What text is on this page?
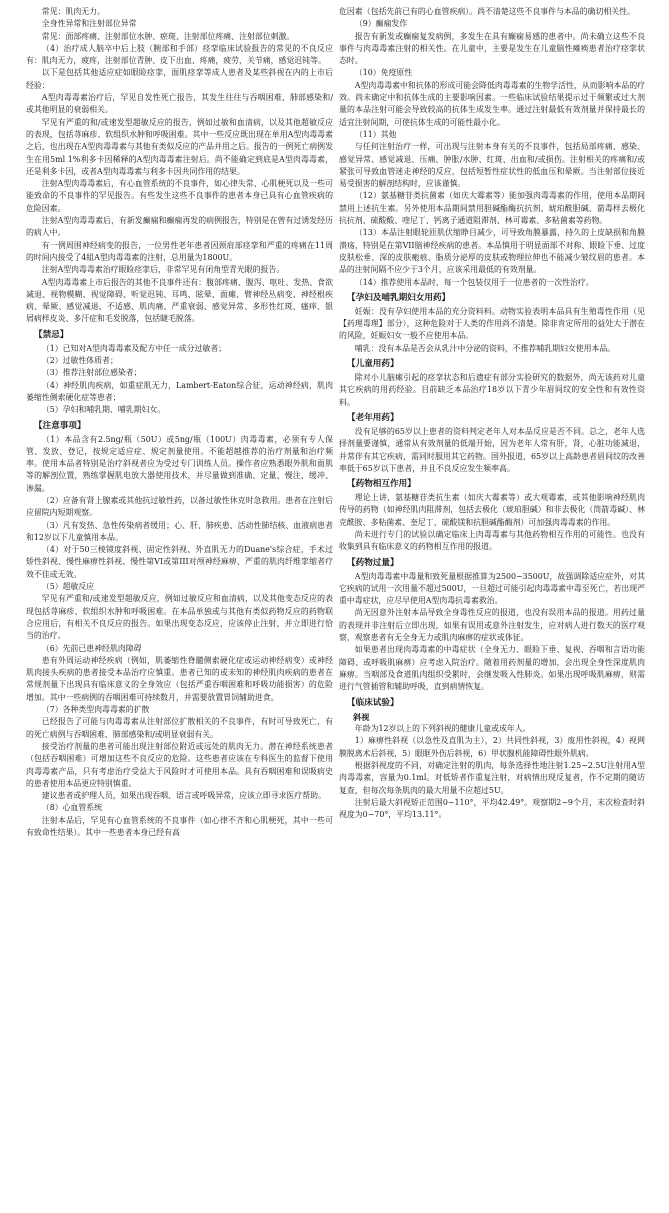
常见：肌肉无力。

全身性异常和注射部位异常

常见：面部疼痛、注射部位水肿、瘀斑、注射部位疼痛、注射部位刺激。

（4）治疗成人脑卒中后上肢（腕部和手部）痉挛临床试验报告的常见的不良反应有：肌肉无力，疲疼，注射部位青肿、皮下出血、疼痛，疲劳，关节痛，感觉迟钝等。

以下是包括其他适应症如眼睑痉挛，面肌痉挛等成人患者及某些斜视在内的上市后经验：

A型肉毒毒素治疗后，罕见自发性死亡报告，其发生往往与吞咽困难、肺部感染和/或其他明显的衰弱相关。

罕见有严重的和/或速发型超敏反应的报告，例如过敏和血清病，以及其他超敏反应的表现，包括荨麻疹、软组织水肿和呼吸困难。其中一些反应既出现在单用A型肉毒毒素之后，也出现在A型肉毒毒素与其他有类似反应的产品并用之后。报告的一例死亡病例发生在用5ml 1%利多卡因稀释的A型肉毒毒素注射后。尚不能确定到底是A型肉毒毒素，还是利多卡因，或者A型肉毒毒素与利多卡因共同作用的结果。

注射A型肉毒毒素后，有心血管系统的不良事件，如心律失常、心肌梗死以及一些可能致命的不良事件的罕见报告。有些发生这些不良事件的患者本身已具有心血管疾病的危险因素。

注射A型肉毒毒素后，有新发癫痫和癫痫再发的病例报告，特别是在曾有过诱发经历的病人中。

有一例周围神经病变的报告，一位男性老年患者因颈肩部痉挛和严重的疼痛在11周的时间内接受了4組A型肉毒毒素的注射，总用量为1800U。

注射A型肉毒毒素治疗眼睑痉挛后，非常罕见有闭角型青光眼的报告。

A型肉毒毒素上市后报告的其他不良事件还有：腹部疼痛、腹泻、呕吐、发热、食欲减退、视物模糊、视觉障碍、听觉迟钝、耳鸣、眩晕、面瘫、臂神经丛病变、神经根疾病、晕厥、感觉减退、不适感、肌肉痛、严重衰弱、感觉异常、多形性红斑、瘙痒、银屑病样皮炎、多汗症和毛发脱落，包括睫毛脱落。

【禁忌】

（1）已知对A型肉毒毒素及配方中任一成分过敏者；

（2）过敏性体质者；

（3）推荐注射部位感染者；

（4）神经肌肉疾病，如重症肌无力，Lambert-Eaton综合征，运动神经病，肌肉萎缩性侧索硬化症等患者；

（5）孕妇和哺乳期、哺乳期妇女。

【注意事项】

（1）本品含有2.5ng/瓶（50U）或5ng/瓶（100U）肉毒毒素，必须有专人保管、发放、登记，按规定适应症、规定剂量使用。不能超越推荐的治疗剂量和治疗频率。使用本品者特别是治疗斜视者应为受过专门训练人员。操作者应熟悉眼外肌和面肌等的解剖位置，熟练掌握肌电放大器使用技术，并尽量做到准确、定量、慢注、缓冲、渗漏。

（2）应备有肾上腺素或其他抗过敏性药，以备过敏性休克时急救用。患者在注射后应留院内短期观察。

（3）凡有发热、急性传染病者缓用；心、肝、肺疾患、活动性肺结核、血液病患者和12岁以下儿童慎用本品。

（4）对于50三棱镜度斜视、固定性斜视、外直肌无力的Duane's综合症，手术过矫性斜视、慢性麻痹性斜视、慢性第VI或第III对颅神经麻痹、严重的肌肉纤维挛缩者疗效不佳或无效。

（5）超敏反应

罕见有严重和/或速发型超敏反应，例如过敏反应和血清病，以及其他变态反应的表现包括荨麻疹、软组织水肿和呼吸困难。在本品单独或与其他有类似药物反应的药物联合应用后，有相关不良反应的报告。如果出现变态反应，应该停止注射，并立即进行恰当的治疗。

（6）先前已患神经肌肉障碍

患有外周运动神经疾病（例如，肌萎缩性脊髓侧索硬化症或运动神经病变）或神经肌肉接头疾病的患者接受本品治疗应慎重。患者已知的或未知的神经肌肉疾病的患者在常规剂量下出现具有临床意义的全身效应（包括严重吞咽困难和呼吸功能损害）的危险增加。其中一些病例的吞咽困难可持续数月，并需要放置胃饲辅助进食。

（7）各种类型肉毒毒素的扩散

已经报告了可能与肉毒毒素从注射部位扩散相关的不良事件，有时可导致死亡，有的死亡病例与吞咽困难、肺部感染和/或明显衰弱有关。

接受治疗剂量的患者可能出现注射部位附近或远处的肌肉无力。潜在神经系统患者（包括吞咽困难）可增加这些不良反应的危险。这些患者应该在专科医生的监督下使用肉毒毒素产品，只有考虑治疗受益大于风险时才可使用本品。具有吞咽困难和误吸病史的患者使用本品更应特别慎重。

建议患者或护理人员，如果出现吞咽、语言或呼吸异常，应该立即寻求医疗帮助。

（8）心血管系统

注射本品后，罕见有心血管系统的不良事件（如心律不齐和心肌梗死，其中一些可有致命性结果）。其中一些患者本身已经有高

危因素（包括先前已有的心血管疾病）。尚不清楚这些不良事件与本品的确切相关性。

（9）癫痫发作

报告有新发或癫痫复发病例，多发生在具有癫痫易感的患者中。尚未确立这些不良事件与肉毒毒素注射的相关性。在儿童中，主要是发生在儿童脑性瘫痪患者治疗痉挛状态时。

（10）免疫原性

A型肉毒毒素中和抗体的形成可能会降低肉毒毒素的生物学活性，从而影响本品的疗效。尚未确定中和抗体生成的主要影响因素。一些临床试验结果提示过于频繁或过大剂量的本品注射可能会导致较高的抗体生成发生率。通过注射最低有效剂量并保持最长的适宜注射间期，可使抗体生成的可能性最小化。

（11）其他

与任何注射治疗一样，可出现与注射本身有关的不良事件，包括局部疼痛、感染、感觉异常、感觉减退、压痛、肿胀/水肿、红斑、出血和/或损伤。注射相关的疼痛和/或紧张可导致血管迷走神经的反应，包括短暂性症状性的低血压和晕厥。当注射部位接近易受损害的解剖结构时，应该谨慎。

（12）氨基糖苷类抗菌素（如庆大霉素等）能加强肉毒毒素的作用，使用本品期间禁用上述抗生素。另外使用本品期间禁用胆碱酯酶抗抗剂、琥珀酰胆碱、箭毒样去极化抗抗剂、硫酸酸、喹尼丁、钙离子通道阻滞剂、林可霉素、多粘菌素等药物。

（13）本品注射眼轮匝肌伏缩睁目减少，可导致角膜暴露，持久的上皮缺损和角膜溃疡，特别是在第VII脑神经疾病的患者。本品慎用于明显面部不对称、眼睑下垂、过度皮肤松垂、深的皮肤瘢痕、脂质分泌厚的皮肤或物理拉伸也不能减少皱纹眉的患者。本品的注射间隔不应少于3个月，应该采用最低的有效剂量。

（14）推荐使用本品时，每一个包装仅用于一位患者的一次性治疗。

【孕妇及哺乳期妇女用药】

妊娠：没有孕妇使用本品的充分资料料。动物实验表明本品具有生殖毒性作用（见【药理毒理】部分），这种危险对于人类的作用尚不清楚。除非肯定所用的益处大于潜在的风险，妊娠妇女一般不应使用本品。

哺乳：没有本品是否会从乳汁中分泌的资料，不推荐哺乳期妇女使用本品。

【儿童用药】

除对小儿脑瘫引起的痉挛状态和后遗症有部分实验研究的数据外，尚无该药对儿童其它疾病的用药经验。目前缺乏本品治疗18岁以下青少年眉间纹的安全性和有效性资料。

【老年用药】

没有足够的65岁以上患者的资料判定老年人对本品反应是否不同。总之，老年人选择剂量要谨慎，通常从有效剂量的低端开始，因为老年人常有肝，肾，心脏功能减退，并常伴有其它疾病，需同时服用其它药物。国外报道，65岁以上高龄患者眉间纹的改善率低于65岁以下患者，并且不良反应发生频率高。

【药物相互作用】

理论上讲，氨基糖苷类抗生素（如庆大霉素等）或大观霉素，或其他影响神经肌肉传导的药物（如神经肌肉阻滞剂，包括去极化（琥珀胆碱）和非去极化（筒箭毒碱）、林克酰胺、多粘菌素、奎尼丁、硫酸镁和抗胆碱酯酶剂）可加强肉毒毒素的作用。

尚未进行专门的试验以确定临床上肉毒毒素与其他药物相互作用的可能性。也没有收集到具有临床意义的药物相互作用的报道。

【药物过量】

A型肉毒毒素中毒量和致死量根据推算为2500~3500U，故强调除适应症外，对其它疾病的试用一次用量不超过500U，一旦超过可能引起肉毒毒素中毒至死亡，若出现严重中毒症状，应尽早使用A型肉毒抗毒素救治。

尚无因意外注射本品导致全身毒性反应的报道，也没有误用本品的报道。用药过量的表现并非注射后立即出现，如果有误用或意外注射发生，应对病人进行数天的医疗观察，观察患者有无全身无力或肌肉麻痹的症状或体征。

如果患者出现肉毒毒素的中毒症状（全身无力、眼睑下垂、复视、吞咽和言语功能障碍、或呼吸肌麻痹）应考虑入院治疗。随着用药剂量的增加，会出现全身性深度肌肉麻痹。当咽部及食道肌肉组织受累时，会继发吸入性肺炎。如果出现呼吸肌麻痹，则需进行气管插管和辅助呼吸，直到病情恢复。

【临床试验】
斜视

年龄为12岁以上的下列斜视的健康儿童或成年人。

1）麻痹性斜视（以急性及直肌为主），2）共同性斜视，3）废用性斜视，4）视网膜脱离术后斜视，5）眼眶外伤后斜视，6）甲状腺机能障碍性眼外肌病。

根据斜视度的不同，对确定注射的肌肉，每条选择性地注射1.25~2.5U注射用A型肉毒毒素，容量为0.1ml。对低矫者作重复注射，对病情出现反复者，作不定期的随访复查，但每次每条肌肉的最大用量不应超过5U。

注射后最大斜视矫正范围0~110°，平均42.49°。观察期2~9个月，末次检查时斜视度为0~70°，平均13.11°。
